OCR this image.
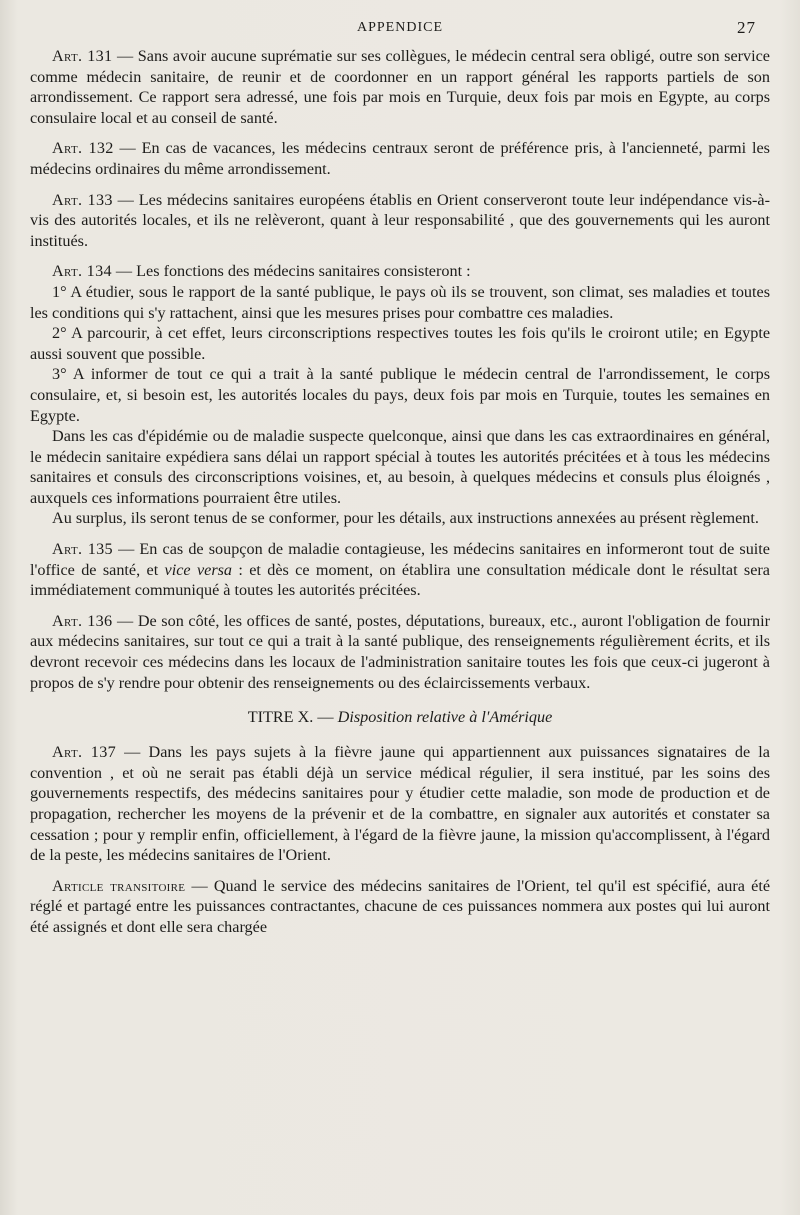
APPENDICE	27

Art. 131 — Sans avoir aucune suprématie sur ses collègues, le médecin central sera obligé, outre son service comme médecin sanitaire, de reunir et de coordonner en un rapport général les rapports partiels de son arrondissement. Ce rapport sera adressé, une fois par mois en Turquie, deux fois par mois en Egypte, au corps consulaire local et au conseil de santé.

Art. 132 — En cas de vacances, les médecins centraux seront de préférence pris, à l'ancienneté, parmi les médecins ordinaires du même arrondissement.

Art. 133 — Les médecins sanitaires européens établis en Orient conserveront toute leur indépendance vis-à-vis des autorités locales, et ils ne relèveront, quant à leur responsabilité , que des gouvernements qui les auront institués.

Art. 134 — Les fonctions des médecins sanitaires consisteront :

1° A étudier, sous le rapport de la santé publique, le pays où ils se trouvent, son climat, ses maladies et toutes les conditions qui s'y rattachent, ainsi que les mesures prises pour combattre ces maladies.

2° A parcourir, à cet effet, leurs circonscriptions respectives toutes les fois qu'ils le croiront utile; en Egypte aussi souvent que possible.

3° A informer de tout ce qui a trait à la santé publique le médecin central de l'arrondissement, le corps consulaire, et, si besoin est, les autorités locales du pays, deux fois par mois en Turquie, toutes les semaines en Egypte.

Dans les cas d'épidémie ou de maladie suspecte quelconque, ainsi que dans les cas extraordinaires en général, le médecin sanitaire expédiera sans délai un rapport spécial à toutes les autorités précitées et à tous les médecins sanitaires et consuls des circonscriptions voisines, et, au besoin, à quelques médecins et consuls plus éloignés , auxquels ces informations pourraient être utiles.

Au surplus, ils seront tenus de se conformer, pour les détails, aux instructions annexées au présent règlement.

Art. 135 — En cas de soupçon de maladie contagieuse, les médecins sanitaires en informeront tout de suite l'office de santé, et vice versa : et dès ce moment, on établira une consultation médicale dont le résultat sera immédiatement communiqué à toutes les autorités précitées.

Art. 136 — De son côté, les offices de santé, postes, députations, bureaux, etc., auront l'obligation de fournir aux médecins sanitaires, sur tout ce qui a trait à la santé publique, des renseignements régulièrement écrits, et ils devront recevoir ces médecins dans les locaux de l'administration sanitaire toutes les fois que ceux-ci jugeront à propos de s'y rendre pour obtenir des renseignements ou des éclaircissements verbaux.

TITRE X. — Disposition relative à l'Amérique

Art. 137 — Dans les pays sujets à la fièvre jaune qui appartiennent aux puissances signataires de la convention , et où ne serait pas établi déjà un service médical régulier, il sera institué, par les soins des gouvernements respectifs, des médecins sanitaires pour y étudier cette maladie, son mode de production et de propagation, rechercher les moyens de la prévenir et de la combattre, en signaler aux autorités et constater sa cessation ; pour y remplir enfin, officiellement, à l'égard de la fièvre jaune, la mission qu'accomplissent, à l'égard de la peste, les médecins sanitaires de l'Orient.

Article transitoire — Quand le service des médecins sanitaires de l'Orient, tel qu'il est spécifié, aura été réglé et partagé entre les puissances contractantes, chacune de ces puissances nommera aux postes qui lui auront été assignés et dont elle sera chargée
